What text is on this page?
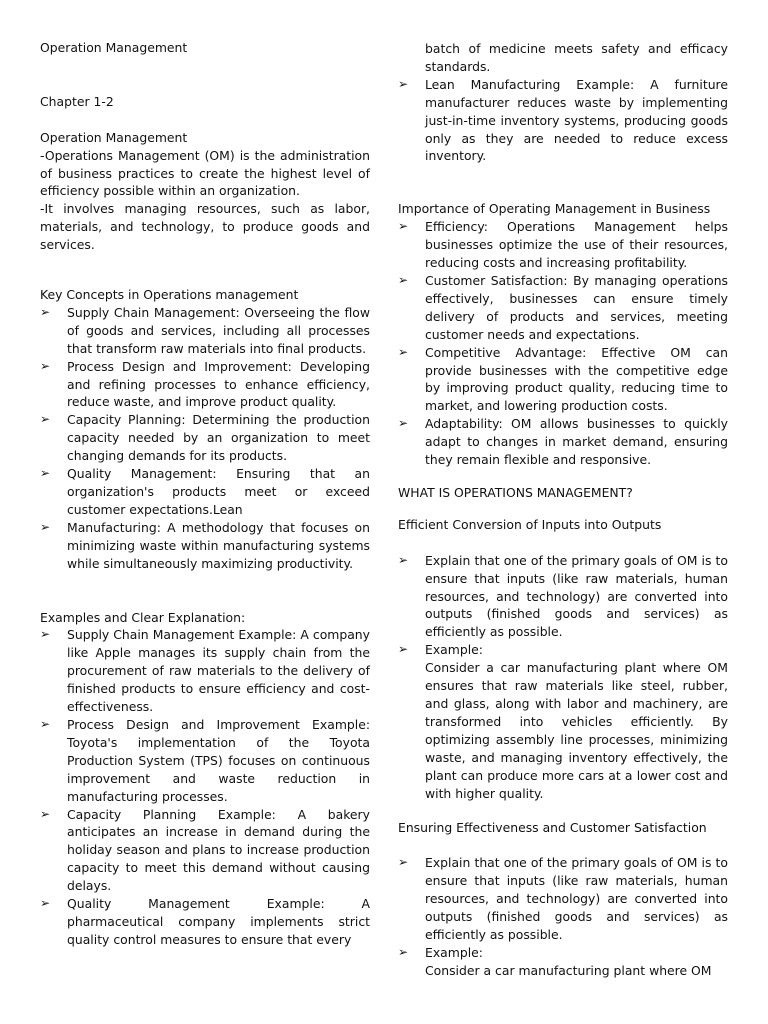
Operation Management

Chapter 1-2

Operation Management

-Operations Management (OM) is the administration of business practices to create the highest level of efficiency possible within an organization.

-It involves managing resources, such as labor, materials, and technology, to produce goods and services.

Key Concepts in Operations management

➢ Supply Chain Management: Overseeing the flow of goods and services, including all processes that transform raw materials into final products.
➢ Process Design and Improvement: Developing and refining processes to enhance efficiency, reduce waste, and improve product quality.
➢ Capacity Planning: Determining the production capacity needed by an organization to meet changing demands for its products.
➢ Quality Management: Ensuring that an organization's products meet or exceed customer expectations.Lean
➢ Manufacturing: A methodology that focuses on minimizing waste within manufacturing systems while simultaneously maximizing productivity.

Examples and Clear Explanation:

➢ Supply Chain Management Example: A company like Apple manages its supply chain from the procurement of raw materials to the delivery of finished products to ensure efficiency and cost-effectiveness.
➢ Process Design and Improvement Example: Toyota's implementation of the Toyota Production System (TPS) focuses on continuous improvement and waste reduction in manufacturing processes.
➢ Capacity Planning Example: A bakery anticipates an increase in demand during the holiday season and plans to increase production capacity to meet this demand without causing delays.
➢ Quality Management Example: A pharmaceutical company implements strict quality control measures to ensure that every
batch of medicine meets safety and efficacy standards.
➢ Lean Manufacturing Example: A furniture manufacturer reduces waste by implementing just-in-time inventory systems, producing goods only as they are needed to reduce excess inventory.

Importance of Operating Management in Business

➢ Efficiency: Operations Management helps businesses optimize the use of their resources, reducing costs and increasing profitability.
➢ Customer Satisfaction: By managing operations effectively, businesses can ensure timely delivery of products and services, meeting customer needs and expectations.
➢ Competitive Advantage: Effective OM can provide businesses with the competitive edge by improving product quality, reducing time to market, and lowering production costs.
➢ Adaptability: OM allows businesses to quickly adapt to changes in market demand, ensuring they remain flexible and responsive.

WHAT IS OPERATIONS MANAGEMENT?

Efficient Conversion of Inputs into Outputs

➢ Explain that one of the primary goals of OM is to ensure that inputs (like raw materials, human resources, and technology) are converted into outputs (finished goods and services) as efficiently as possible.
➢ Example:
Consider a car manufacturing plant where OM ensures that raw materials like steel, rubber, and glass, along with labor and machinery, are transformed into vehicles efficiently. By optimizing assembly line processes, minimizing waste, and managing inventory effectively, the plant can produce more cars at a lower cost and with higher quality.

Ensuring Effectiveness and Customer Satisfaction

➢ Explain that one of the primary goals of OM is to ensure that inputs (like raw materials, human resources, and technology) are converted into outputs (finished goods and services) as efficiently as possible.
➢ Example:
Consider a car manufacturing plant where OM
